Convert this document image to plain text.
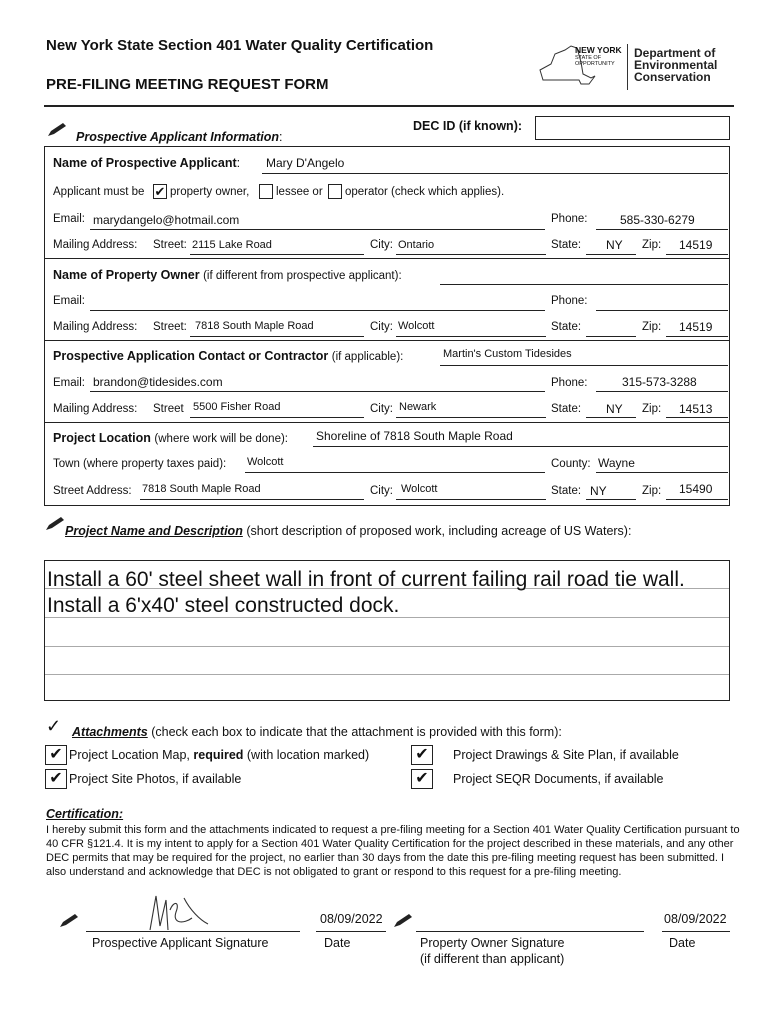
New York State Section 401 Water Quality Certification
PRE-FILING MEETING REQUEST FORM
NEW YORK
STATE OF
OPPORTUNITY
Department of
Environmental
Conservation
Prospective Applicant Information:
DEC ID (if known):
Name of Prospective Applicant: Mary D'Angelo
Applicant must be ✔ property owner, lessee or operator (check which applies).
Email: marydangelo@hotmail.com	Phone:	585-330-6279
Mailing Address: Street: 2115 Lake Road	City: Ontario	State: NY Zip: 14519
Name of Property Owner (if different from prospective applicant):
Email:	Phone:
Mailing Address: Street: 7818 South Maple Road	City: Wolcott	State:	Zip: 14519
Prospective Application Contact or Contractor (if applicable):	Martin's Custom Tidesides
Email: brandon@tidesides.com	Phone:	315-573-3288
Mailing Address: Street 5500 Fisher Road	City: Newark	State: NY Zip: 14513
Project Location (where work will be done): Shoreline of 7818 South Maple Road
Town (where property taxes paid): Wolcott	County: Wayne
Street Address: 7818 South Maple Road	City: Wolcott	State: NY	Zip: 15490
Project Name and Description (short description of proposed work, including acreage of US Waters):
Install a 60' steel sheet wall in front of current failing rail road tie wall.
Install a 6'x40' steel constructed dock.
✓ Attachments (check each box to indicate that the attachment is provided with this form):
✔ Project Location Map, required (with location marked)	✔	Project Drawings & Site Plan, if available
✔ Project Site Photos, if available	✔	Project SEQR Documents, if available
Certification:
I hereby submit this form and the attachments indicated to request a pre-filing meeting for a Section 401 Water Quality Certification pursuant to 40 CFR §121.4. It is my intent to apply for a Section 401 Water Quality Certification for the project described in these materials, and any other DEC permits that may be required for the project, no earlier than 30 days from the date this pre-filing meeting request has been submitted. I also understand and acknowledge that DEC is not obligated to grant or respond to this request for a pre-filing meeting.
Prospective Applicant Signature
08/09/2022
Date	Property Owner Signature
(if different than applicant)
08/09/2022
Date
